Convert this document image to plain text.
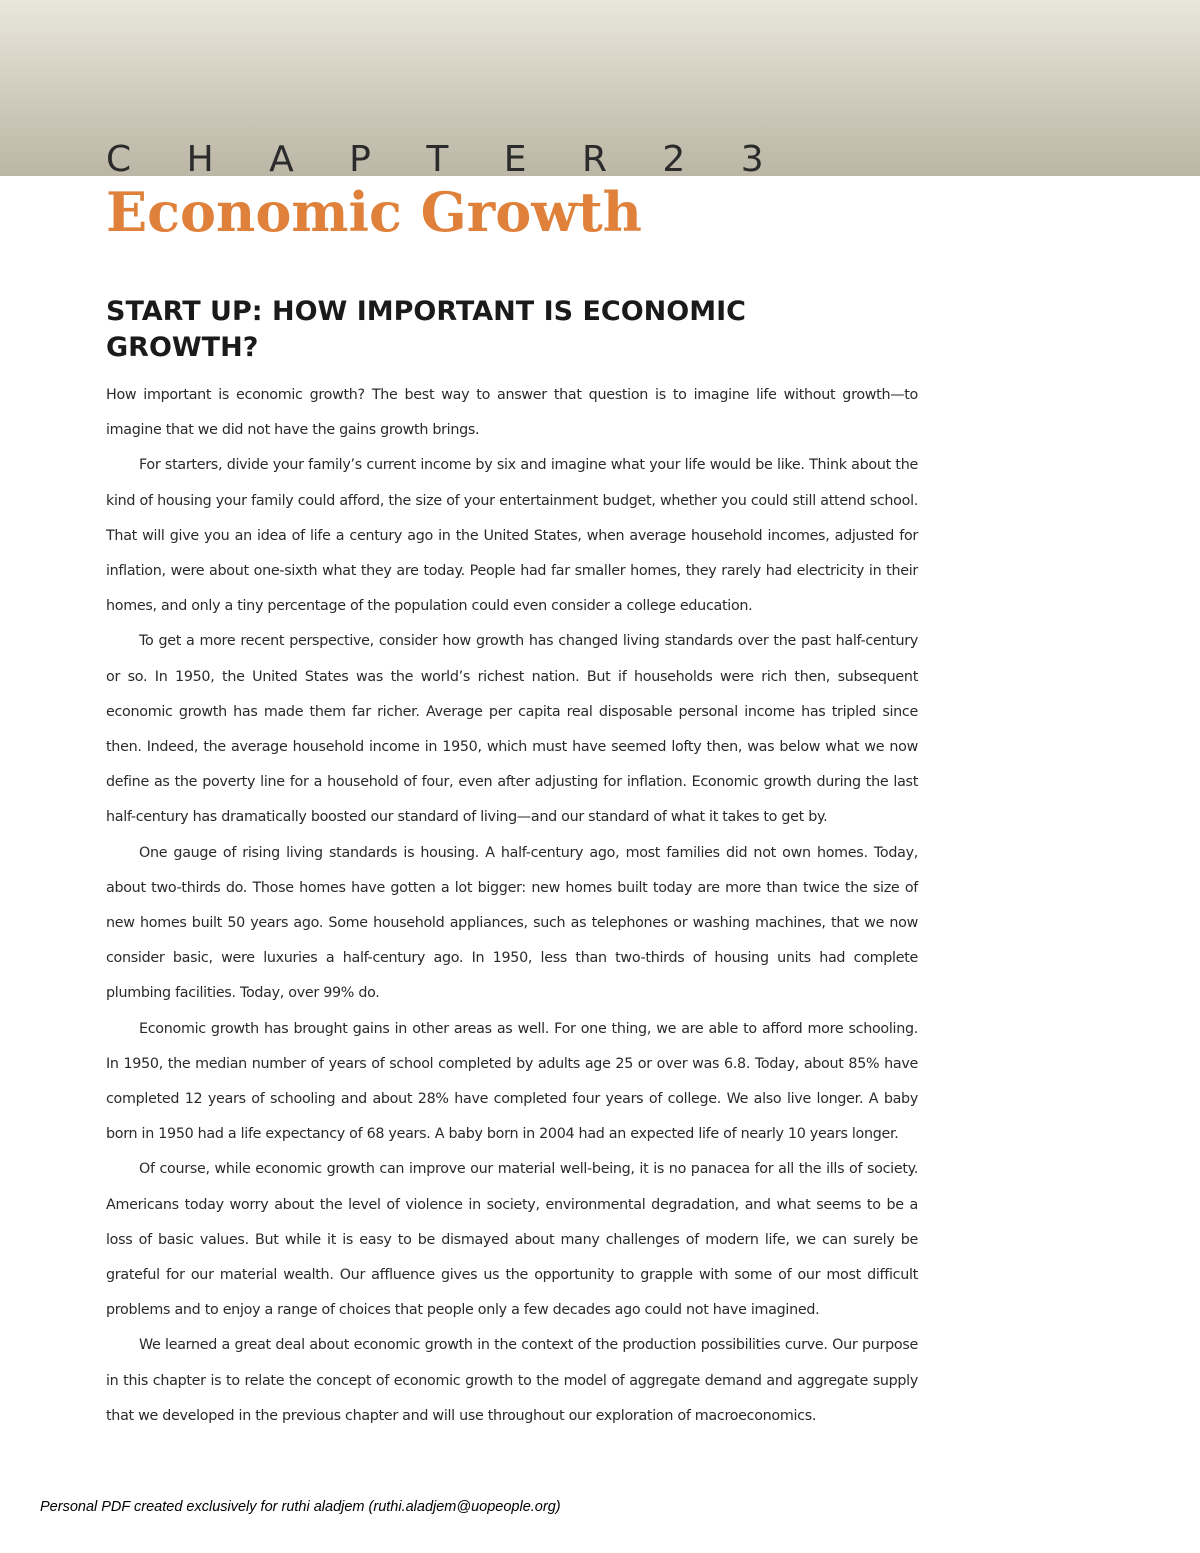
C H A P T E R 2 3
Economic Growth
START UP: HOW IMPORTANT IS ECONOMIC GROWTH?

How important is economic growth? The best way to answer that question is to imagine life without growth—to imagine that we did not have the gains growth brings.

For starters, divide your family’s current income by six and imagine what your life would be like. Think about the kind of housing your family could afford, the size of your entertainment budget, whether you could still attend school. That will give you an idea of life a century ago in the United States, when average household incomes, adjusted for inflation, were about one-sixth what they are today. People had far smaller homes, they rarely had electricity in their homes, and only a tiny percentage of the population could even consider a college education.

To get a more recent perspective, consider how growth has changed living standards over the past half-century or so. In 1950, the United States was the world’s richest nation. But if households were rich then, subsequent economic growth has made them far richer. Average per capita real disposable personal income has tripled since then. Indeed, the average household income in 1950, which must have seemed lofty then, was below what we now define as the poverty line for a household of four, even after adjusting for inflation. Economic growth during the last half-century has dramatically boosted our standard of living—and our standard of what it takes to get by.

One gauge of rising living standards is housing. A half-century ago, most families did not own homes. Today, about two-thirds do. Those homes have gotten a lot bigger: new homes built today are more than twice the size of new homes built 50 years ago. Some household appliances, such as telephones or washing machines, that we now consider basic, were luxuries a half-century ago. In 1950, less than two-thirds of housing units had complete plumbing facilities. Today, over 99% do.

Economic growth has brought gains in other areas as well. For one thing, we are able to afford more schooling. In 1950, the median number of years of school completed by adults age 25 or over was 6.8. Today, about 85% have completed 12 years of schooling and about 28% have completed four years of college. We also live longer. A baby born in 1950 had a life expectancy of 68 years. A baby born in 2004 had an expected life of nearly 10 years longer.

Of course, while economic growth can improve our material well-being, it is no panacea for all the ills of society. Americans today worry about the level of violence in society, environmental degradation, and what seems to be a loss of basic values. But while it is easy to be dismayed about many challenges of modern life, we can surely be grateful for our material wealth. Our affluence gives us the opportunity to grapple with some of our most difficult problems and to enjoy a range of choices that people only a few decades ago could not have imagined.

We learned a great deal about economic growth in the context of the production possibilities curve. Our purpose in this chapter is to relate the concept of economic growth to the model of aggregate demand and aggregate supply that we developed in the previous chapter and will use throughout our exploration of macroeconomics.

Personal PDF created exclusively for ruthi aladjem (ruthi.aladjem@uopeople.org)
